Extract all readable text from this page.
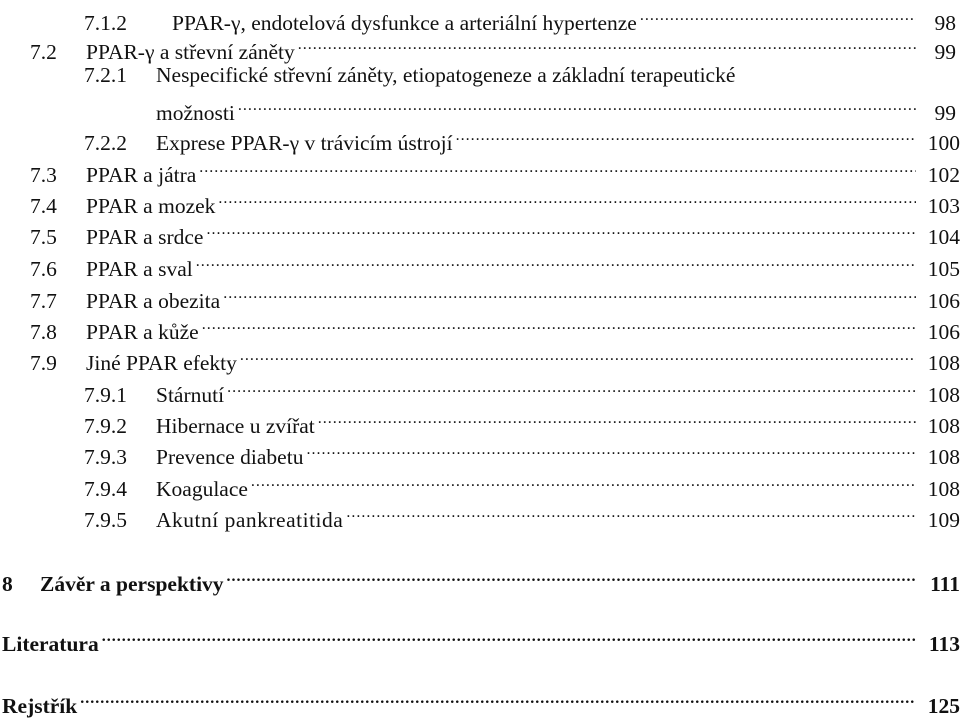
7.1.2	PPAR-γ, endotelová dysfunkce a arteriální hypertenze .....	98
7.2	PPAR-γ a střevní záněty .....	99
7.2.1 Nespecifické střevní záněty, etiopatogeneze a základní terapeutické
možnosti .....	99
7.2.2	Exprese PPAR-γ v trávicím ústrojí .....	100
7.3	PPAR a játra .....	102
7.4	PPAR a mozek .....	103
7.5	PPAR a srdce .....	104
7.6	PPAR a sval .....	105
7.7	PPAR a obezita .....	106
7.8	PPAR a kůže .....	106
7.9	Jiné PPAR efekty .....	108
7.9.1	Stárnutí .....	108
7.9.2	Hibernace u zvířat .....	108
7.9.3	Prevence diabetu .....	108
7.9.4	Koagulace .....	108
7.9.5	Akutní pankreatitida .....	109
8	Závěr a perspektivy .....	111
Literatura .....	113
Rejstřík .....	125
